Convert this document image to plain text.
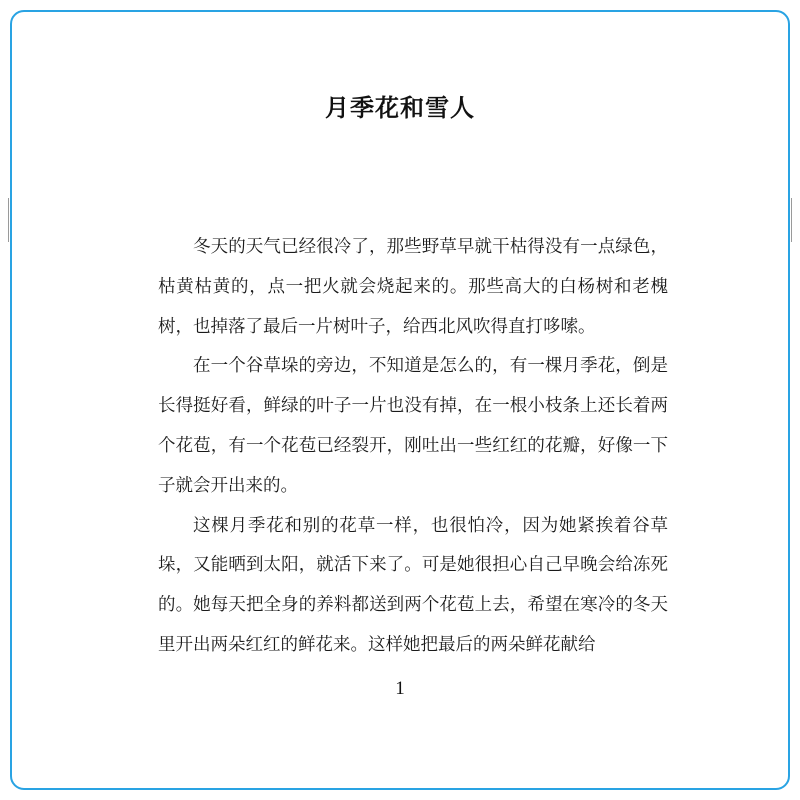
月季花和雪人

冬天的天气已经很冷了，那些野草早就干枯得没有一点绿色，枯黄枯黄的，点一把火就会烧起来的。那些高大的白杨树和老槐树，也掉落了最后一片树叶子，给西北风吹得直打哆嗦。

在一个谷草垛的旁边，不知道是怎么的，有一棵月季花，倒是长得挺好看，鲜绿的叶子一片也没有掉，在一根小枝条上还长着两个花苞，有一个花苞已经裂开，刚吐出一些红红的花瓣，好像一下子就会开出来的。

这棵月季花和别的花草一样，也很怕冷，因为她紧挨着谷草垛，又能晒到太阳，就活下来了。可是她很担心自己早晚会给冻死的。她每天把全身的养料都送到两个花苞上去，希望在寒冷的冬天里开出两朵红红的鲜花来。这样她把最后的两朵鲜花献给

1
